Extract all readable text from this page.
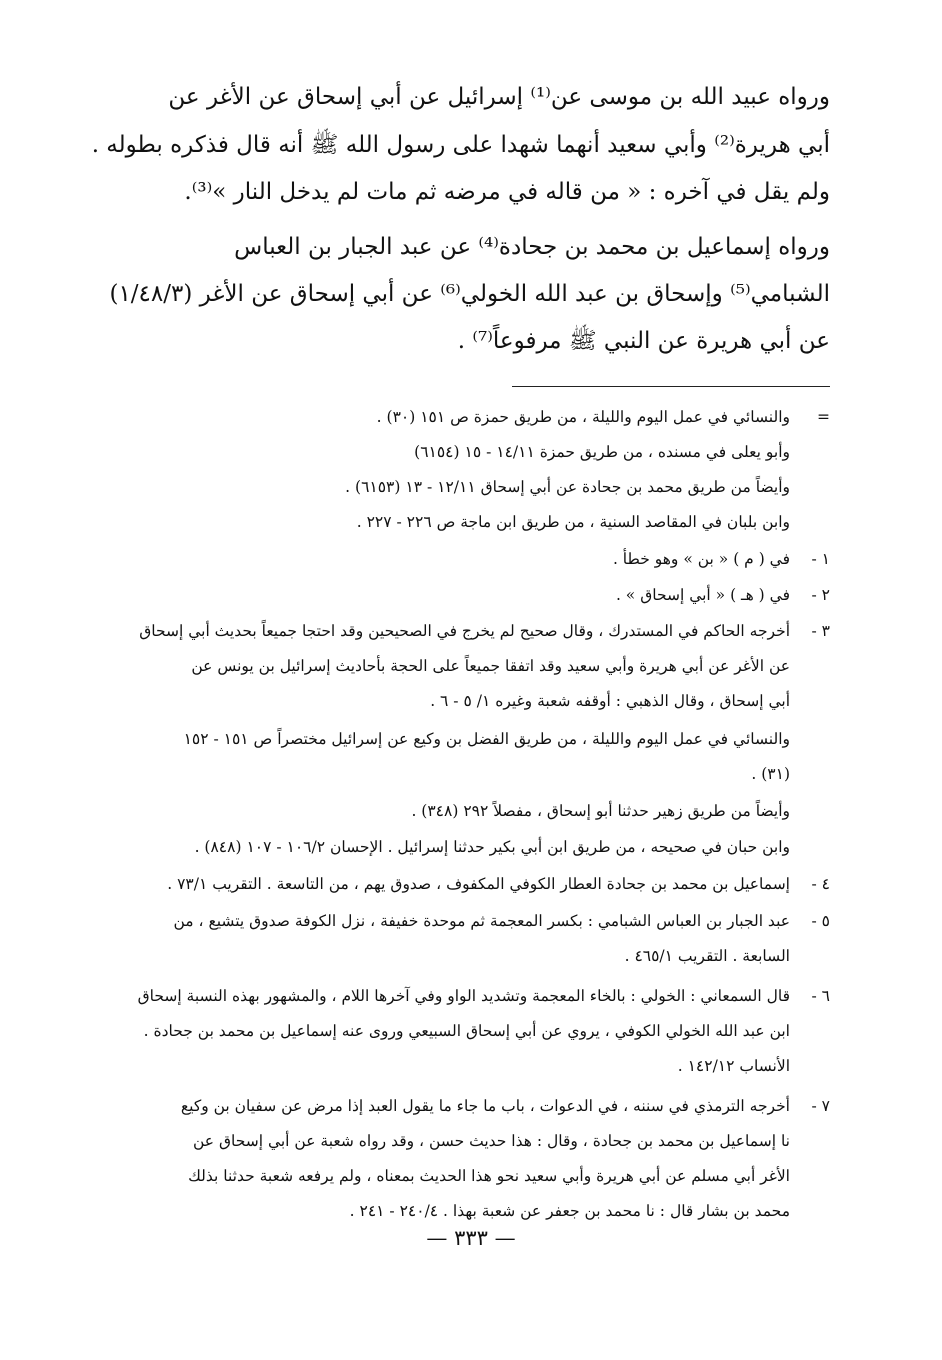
ورواه عبيد الله بن موسى عن⁽¹⁾ إسرائيل عن أبي إسحاق عن الأغر عن
أبي هريرة⁽²⁾ وأبي سعيد أنهما شهدا على رسول الله ﷺ أنه قال فذكره بطوله .
ولم يقل في آخره : « من قاله في مرضه ثم مات لم يدخل النار »⁽³⁾.
ورواه إسماعيل بن محمد بن جحادة⁽⁴⁾ عن عبد الجبار بن العباس
الشبامي⁽⁵⁾ وإسحاق بن عبد الله الخولي⁽⁶⁾ عن أبي إسحاق عن الأغر (١/٤٨/٣)
عن أبي هريرة عن النبي ﷺ مرفوعاً⁽⁷⁾ .
=
والنسائي في عمل اليوم والليلة ، من طريق حمزة ص ١٥١ (٣٠) .
وأبو يعلى في مسنده ، من طريق حمزة ١٤/١١ - ١٥ (٦١٥٤)
وأيضاً من طريق محمد بن جحادة عن أبي إسحاق ١٢/١١ - ١٣ (٦١٥٣) .
وابن بلبان في المقاصد السنية ، من طريق ابن ماجة ص ٢٢٦ - ٢٢٧ .
١ -
في ( م ) « بن » وهو خطأ .
٢ -
في ( هـ ) « أبي إسحاق » .
٣ -
أخرجه الحاكم في المستدرك ، وقال صحيح لم يخرج في الصحيحين وقد احتجا جميعاً بحديث أبي إسحاق
عن الأغر عن أبي هريرة وأبي سعيد وقد اتفقا جميعاً على الحجة بأحاديث إسرائيل بن يونس عن
أبي إسحاق ، وقال الذهبي : أوقفه شعبة وغيره ١/ ٥ - ٦ .
والنسائي في عمل اليوم والليلة ، من طريق الفضل بن وكيع عن إسرائيل مختصراً ص ١٥١ - ١٥٢
(٣١) .
وأيضاً من طريق زهير حدثنا أبو إسحاق ، مفصلاً ٢٩٢ (٣٤٨) .
وابن حبان في صحيحه ، من طريق ابن أبي بكير حدثنا إسرائيل . الإحسان ١٠٦/٢ - ١٠٧ (٨٤٨) .
٤ -
إسماعيل بن محمد بن جحادة العطار الكوفي المكفوف ، صدوق يهم ، من التاسعة . التقريب ٧٣/١ .
٥ -
عبد الجبار بن العباس الشبامي : بكسر المعجمة ثم موحدة خفيفة ، نزل الكوفة صدوق يتشيع ، من
السابعة . التقريب ٤٦٥/١ .
٦ -
قال السمعاني : الخولي : بالخاء المعجمة وتشديد الواو وفي آخرها اللام ، والمشهور بهذه النسبة إسحاق
ابن عبد الله الخولي الكوفي ، يروي عن أبي إسحاق السبيعي وروى عنه إسماعيل بن محمد بن جحادة .
الأنساب ١٤٢/١٢ .
٧ -
أخرجه الترمذي في سننه ، في الدعوات ، باب ما جاء ما يقول العبد إذا مرض عن سفيان بن وكيع
نا إسماعيل بن محمد بن جحادة ، وقال : هذا حديث حسن ، وقد رواه شعبة عن أبي إسحاق عن
الأغر أبي مسلم عن أبي هريرة وأبي سعيد نحو هذا الحديث بمعناه ، ولم يرفعه شعبة حدثنا بذلك
محمد بن بشار قال : نا محمد بن جعفر عن شعبة بهذا . ٢٤٠/٤ - ٢٤١ .
— ٣٣٣ —
